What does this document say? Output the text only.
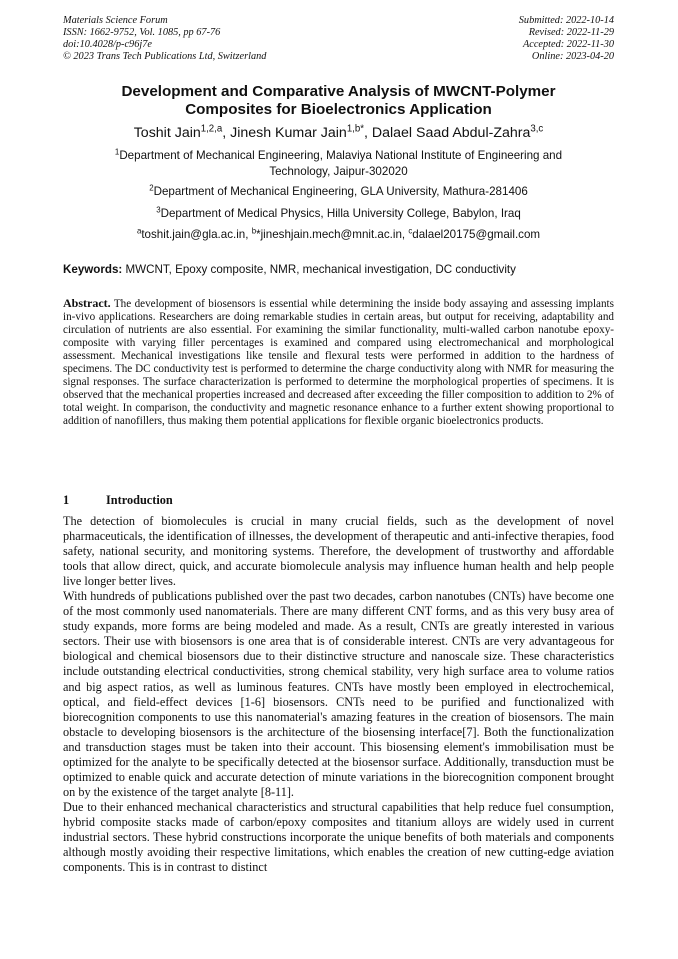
Materials Science Forum
ISSN: 1662-9752, Vol. 1085, pp 67-76
doi:10.4028/p-c96j7e
© 2023 Trans Tech Publications Ltd, Switzerland
Submitted: 2022-10-14
Revised: 2022-11-29
Accepted: 2022-11-30
Online: 2023-04-20
Development and Comparative Analysis of MWCNT-Polymer
Composites for Bioelectronics Application
Toshit Jain$^{1,2,a}$, Jinesh Kumar Jain$^{1,b*}$, Dalael Saad Abdul-Zahra$^{3,c}$
$^1$Department of Mechanical Engineering, Malaviya National Institute of Engineering and
Technology, Jaipur-302020
$^2$Department of Mechanical Engineering, GLA University, Mathura-281406
$^3$Department of Medical Physics, Hilla University College, Babylon, Iraq
$^a$toshit.jain@gla.ac.in, $^b$*jineshjain.mech@mnit.ac.in, $^c$dalael20175@gmail.com
Keywords: MWCNT, Epoxy composite, NMR, mechanical investigation, DC conductivity
Abstract. The development of biosensors is essential while determining the inside body assaying and assessing implants in-vivo applications. Researchers are doing remarkable studies in certain areas, but output for receiving, adaptability and circulation of nutrients are also essential. For examining the similar functionality, multi-walled carbon nanotube epoxy-composite with varying filler percentages is examined and compared using electromechanical and morphological assessment. Mechanical investigations like tensile and flexural tests were performed in addition to the hardness of specimens. The DC conductivity test is performed to determine the charge conductivity along with NMR for measuring the signal responses. The surface characterization is performed to determine the morphological properties of specimens. It is observed that the mechanical properties increased and decreased after exceeding the filler composition to addition to 2% of total weight. In comparison, the conductivity and magnetic resonance enhance to a further extent showing proportional to addition of nanofillers, thus making them potential applications for flexible organic bioelectronics products.
1	Introduction

The detection of biomolecules is crucial in many crucial fields, such as the development of novel pharmaceuticals, the identification of illnesses, the development of therapeutic and anti-infective therapies, food safety, national security, and monitoring systems. Therefore, the development of trustworthy and affordable tools that allow direct, quick, and accurate biomolecule analysis may influence human health and help people live longer better lives.

With hundreds of publications published over the past two decades, carbon nanotubes (CNTs) have become one of the most commonly used nanomaterials. There are many different CNT forms, and as this very busy area of study expands, more forms are being modeled and made. As a result, CNTs are greatly interested in various sectors. Their use with biosensors is one area that is of considerable interest. CNTs are very advantageous for biological and chemical biosensors due to their distinctive structure and nanoscale size. These characteristics include outstanding electrical conductivities, strong chemical stability, very high surface area to volume ratios and big aspect ratios, as well as luminous features. CNTs have mostly been employed in electrochemical, optical, and field-effect devices [1-6] biosensors. CNTs need to be purified and functionalized with biorecognition components to use this nanomaterial's amazing features in the creation of biosensors. The main obstacle to developing biosensors is the architecture of the biosensing interface[7]. Both the functionalization and transduction stages must be taken into their account. This biosensing element's immobilisation must be optimized for the analyte to be specifically detected at the biosensor surface. Additionally, transduction must be optimized to enable quick and accurate detection of minute variations in the biorecognition component brought on by the existence of the target analyte [8-11].

Due to their enhanced mechanical characteristics and structural capabilities that help reduce fuel consumption, hybrid composite stacks made of carbon/epoxy composites and titanium alloys are widely used in current industrial sectors. These hybrid constructions incorporate the unique benefits of both materials and components although mostly avoiding their respective limitations, which enables the creation of new cutting-edge aviation components. This is in contrast to distinct
